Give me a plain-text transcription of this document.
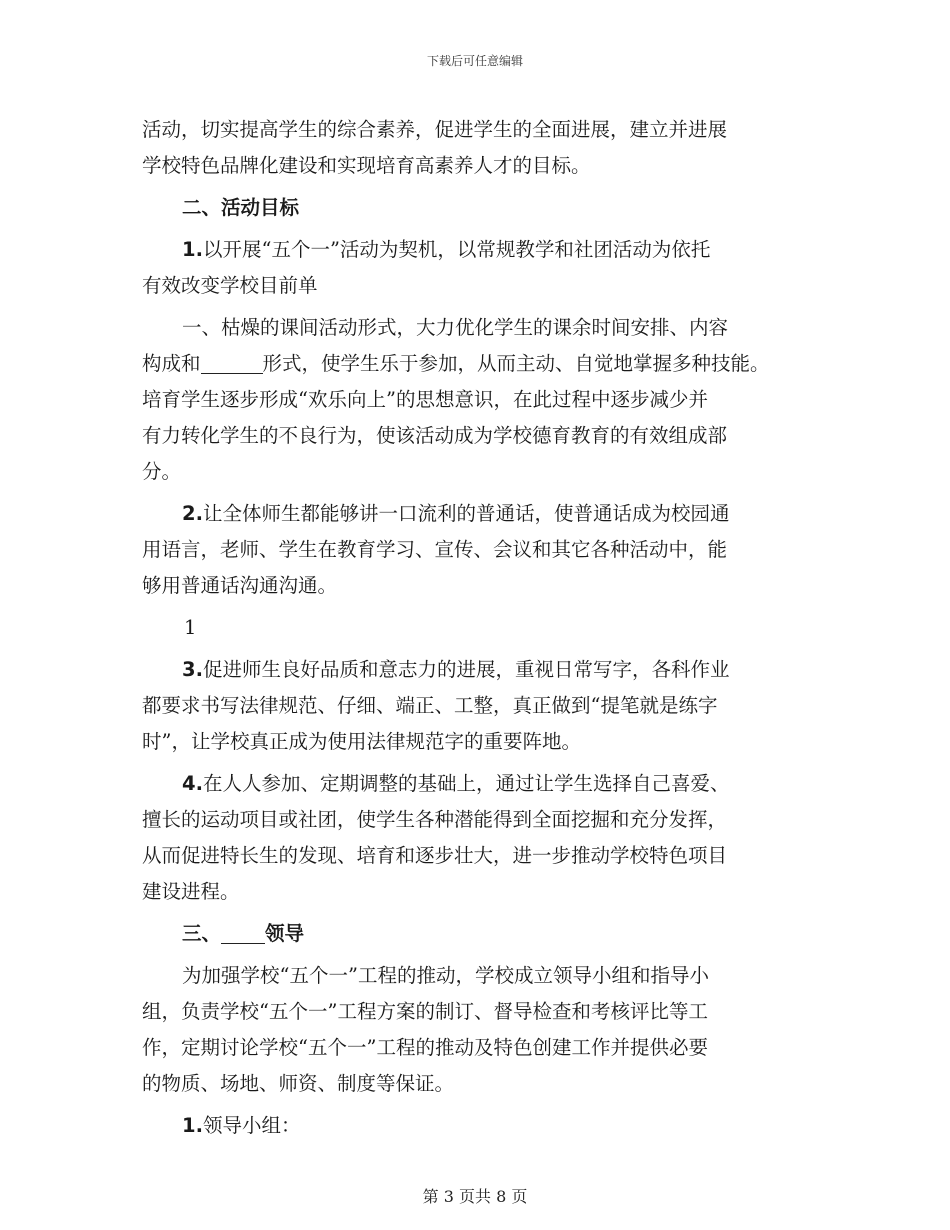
下载后可任意编辑

活动，切实提高学生的综合素养，促进学生的全面进展，建立并进展

学校特色品牌化建设和实现培育高素养人才的目标。

二、活动目标

1.以开展“五个一”活动为契机，以常规教学和社团活动为依托

有效改变学校目前单

一、枯燥的课间活动形式，大力优化学生的课余时间安排、内容

构成和	形式，使学生乐于参加，从而主动、自觉地掌握多种技能。

培育学生逐步形成“欢乐向上”的思想意识，在此过程中逐步减少并

有力转化学生的不良行为，使该活动成为学校德育教育的有效组成部

分。

2.让全体师生都能够讲一口流利的普通话，使普通话成为校园通

用语言，老师、学生在教育学习、宣传、会议和其它各种活动中，能

够用普通话沟通沟通。

1

3.促进师生良好品质和意志力的进展，重视日常写字，各科作业

都要求书写法律规范、仔细、端正、工整，真正做到“提笔就是练字

时”，让学校真正成为使用法律规范字的重要阵地。

4.在人人参加、定期调整的基础上，通过让学生选择自己喜爱、

擅长的运动项目或社团，使学生各种潜能得到全面挖掘和充分发挥，

从而促进特长生的发现、培育和逐步壮大，进一步推动学校特色项目

建设进程。

三、 领导

为加强学校“五个一”工程的推动，学校成立领导小组和指导小

组，负责学校“五个一”工程方案的制订、督导检查和考核评比等工

作，定期讨论学校“五个一”工程的推动及特色创建工作并提供必要

的物质、场地、师资、制度等保证。

1.领导小组：

第 3 页共 8 页
